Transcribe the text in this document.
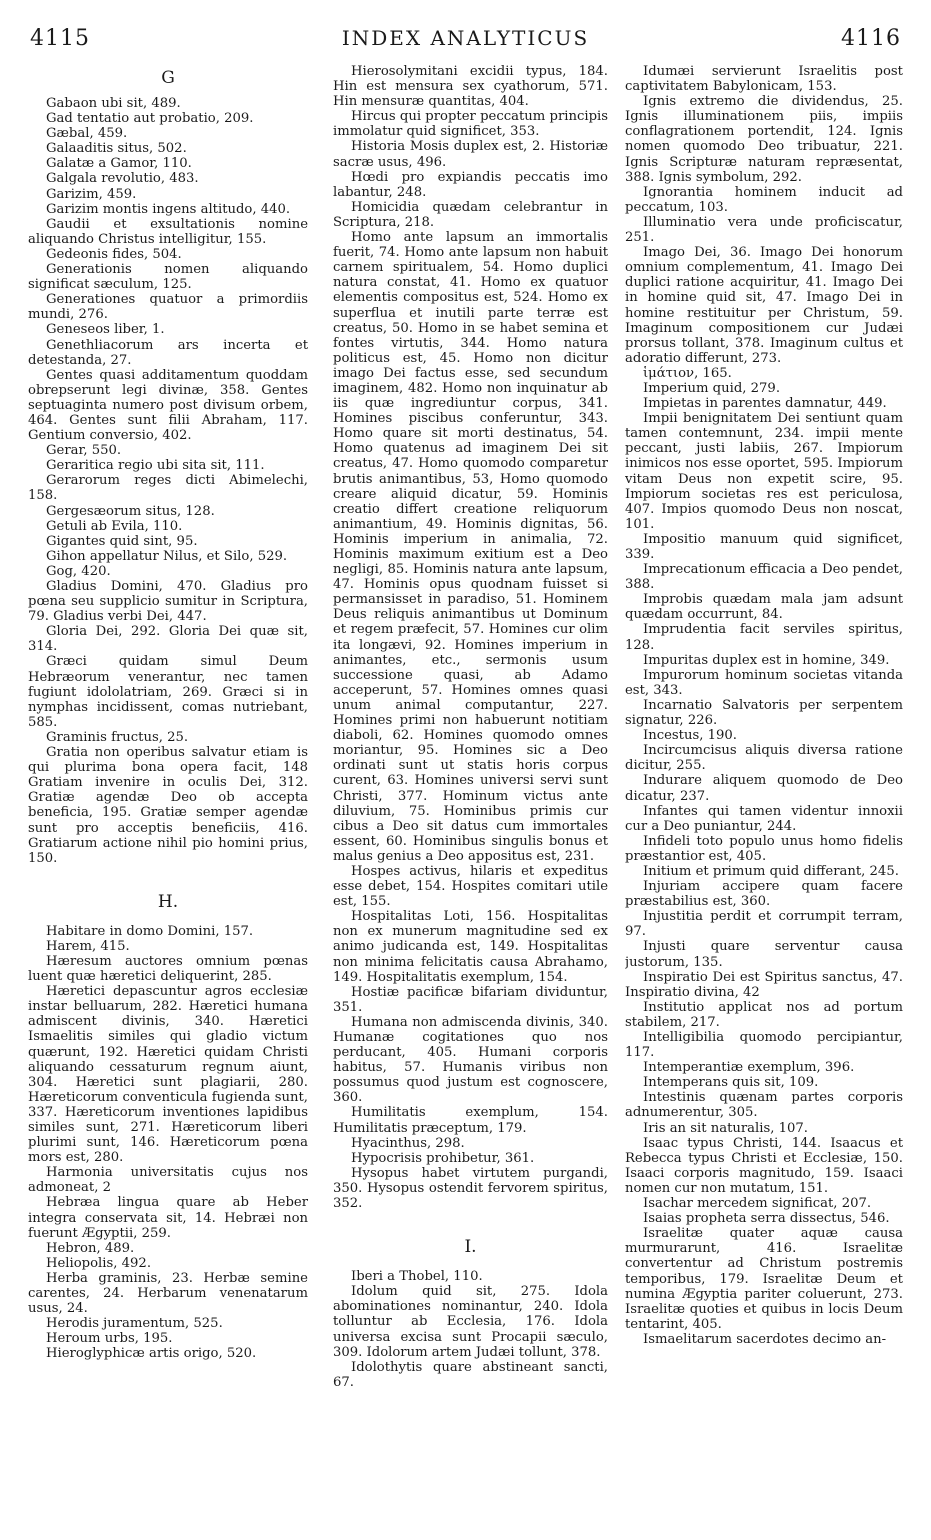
4115	INDEX ANALYTICUS	4116
G

Gabaon ubi sit, 489.

Gad tentatio aut probatio, 209.

Gæbal, 459.

Galaaditis situs, 502.

Galatæ a Gamor, 110.

Galgala revolutio, 483.

Garizim, 459.

Garizim montis ingens altitudo, 440.

Gaudii et exsultationis nomine aliquando Christus intelligitur, 155.

Gedeonis fides, 504.

Generationis nomen aliquando significat sæculum, 125.

Generationes quatuor a primordiis mundi, 276.

Geneseos liber, 1.

Genethliacorum ars incerta et detestanda, 27.

Gentes quasi additamentum quoddam obrepserunt legi divinæ, 358. Gentes septuaginta numero post divisum orbem, 464. Gentes sunt filii Abraham, 117. Gentium conversio, 402.

Gerar, 550.

Geraritica regio ubi sita sit, 111.

Gerarorum reges dicti Abimelechi, 158.

Gergesæorum situs, 128.

Getuli ab Evila, 110.

Gigantes quid sint, 95.

Gihon appellatur Nilus, et Silo, 529.

Gog, 420.

Gladius Domini, 470. Gladius pro pœna seu supplicio sumitur in Scriptura, 79. Gladius verbi Dei, 447.

Gloria Dei, 292. Gloria Dei quæ sit, 314.

Græci quidam simul Deum Hebræorum venerantur, nec tamen fugiunt idololatriam, 269. Græci si in nymphas incidissent, comas nutriebant, 585.

Graminis fructus, 25.

Gratia non operibus salvatur etiam is qui plurima bona opera facit, 148 Gratiam invenire in oculis Dei, 312. Gratiæ agendæ Deo ob accepta beneficia, 195. Gratiæ semper agendæ sunt pro acceptis beneficiis, 416. Gratiarum actione nihil pio homini prius, 150.

H.

Habitare in domo Domini, 157.

Harem, 415.

Hæresum auctores omnium pœnas luent quæ hæretici deliquerint, 285.

Hæretici depascuntur agros ecclesiæ instar belluarum, 282. Hæretici humana admiscent divinis, 340. Hæretici Ismaelitis similes qui gladio victum quærunt, 192. Hæretici quidam Christi aliquando cessaturum regnum aiunt, 304. Hæretici sunt plagiarii, 280. Hæreticorum conventicula fugienda sunt, 337. Hæreticorum inventiones lapidibus similes sunt, 271. Hæreticorum liberi plurimi sunt, 146. Hæreticorum pœna mors est, 280.

Harmonia universitatis cujus nos admoneat, 2

Hebræa lingua quare ab Heber integra conservata sit, 14. Hebræi non fuerunt Ægyptii, 259.

Hebron, 489.

Heliopolis, 492.

Herba graminis, 23. Herbæ semine carentes, 24. Herbarum venenatarum usus, 24.

Herodis juramentum, 525.

Heroum urbs, 195.

Hieroglyphicæ artis origo, 520.

Hierosolymitani excidii typus, 184. Hin est mensura sex cyathorum, 571. Hin mensuræ quantitas, 404.

Hircus qui propter peccatum principis immolatur quid significet, 353.

Historia Mosis duplex est, 2. Historiæ sacræ usus, 496.

Hœdi pro expiandis peccatis imo labantur, 248.

Homicidia quædam celebrantur in Scriptura, 218.

Homo ante lapsum an immortalis fuerit, 74. Homo ante lapsum non habuit carnem spiritualem, 54. Homo duplici natura constat, 41. Homo ex quatuor elementis compositus est, 524. Homo ex superflua et inutili parte terræ est creatus, 50. Homo in se habet semina et fontes virtutis, 344. Homo natura politicus est, 45. Homo non dicitur imago Dei factus esse, sed secundum imaginem, 482. Homo non inquinatur ab iis quæ ingrediuntur corpus, 341. Homines piscibus conferuntur, 343. Homo quare sit morti destinatus, 54. Homo quatenus ad imaginem Dei sit creatus, 47. Homo quomodo comparetur brutis animantibus, 53, Homo quomodo creare aliquid dicatur, 59. Hominis creatio differt creatione reliquorum animantium, 49. Hominis dignitas, 56. Hominis imperium in animalia, 72. Hominis maximum exitium est a Deo negligi, 85. Hominis natura ante lapsum, 47. Hominis opus quodnam fuisset si permansisset in paradiso, 51. Hominem Deus reliquis animantibus ut Dominum et regem præfecit, 57. Homines cur olim ita longævi, 92. Homines imperium in animantes, etc., sermonis usum successione quasi, ab Adamo acceperunt, 57. Homines omnes quasi unum animal computantur, 227. Homines primi non habuerunt notitiam diaboli, 62. Homines quomodo omnes moriantur, 95. Homines sic a Deo ordinati sunt ut statis horis corpus curent, 63. Homines universi servi sunt Christi, 377. Hominum victus ante diluvium, 75. Hominibus primis cur cibus a Deo sit datus cum immortales essent, 60. Hominibus singulis bonus et malus genius a Deo appositus est, 231.

Hospes activus, hilaris et expeditus esse debet, 154. Hospites comitari utile est, 155.

Hospitalitas Loti, 156. Hospitalitas non ex munerum magnitudine sed ex animo judicanda est, 149. Hospitalitas non minima felicitatis causa Abrahamo, 149. Hospitalitatis exemplum, 154.

Hostiæ pacificæ bifariam dividuntur, 351.

Humana non admiscenda divinis, 340. Humanæ cogitationes quo nos perducant, 405. Humani corporis habitus, 57. Humanis viribus non possumus quod justum est cognoscere, 360.

Humilitatis exemplum, 154. Humilitatis præceptum, 179.

Hyacinthus, 298.

Hypocrisis prohibetur, 361.

Hysopus habet virtutem purgandi, 350. Hysopus ostendit fervorem spiritus, 352.

I.

Iberi a Thobel, 110.

Idolum quid sit, 275. Idola abominationes nominantur, 240. Idola tolluntur ab Ecclesia, 176. Idola universa excisa sunt Procapii sæculo, 309. Idolorum artem Judæi tollunt, 378.

Idolothytis quare abstineant sancti, 67.

Idumæi servierunt Israelitis post captivitatem Babylonicam, 153.

Ignis extremo die dividendus, 25. Ignis illuminationem piis, impiis conflagrationem portendit, 124. Ignis nomen quomodo Deo tribuatur, 221. Ignis Scripturæ naturam repræsentat, 388. Ignis symbolum, 292.

Ignorantia hominem inducit ad peccatum, 103.

Illuminatio vera unde proficiscatur, 251.

Imago Dei, 36. Imago Dei honorum omnium complementum, 41. Imago Dei duplici ratione acquiritur, 41. Imago Dei in homine quid sit, 47. Imago Dei in homine restituitur per Christum, 59. Imaginum compositionem cur Judæi prorsus tollant, 378. Imaginum cultus et adoratio differunt, 273.

ἱμάτιον, 165.

Imperium quid, 279.

Impietas in parentes damnatur, 449.

Impii benignitatem Dei sentiunt quam tamen contemnunt, 234. impii mente peccant, justi labiis, 267. Impiorum inimicos nos esse oportet, 595. Impiorum vitam Deus non expetit scire, 95. Impiorum societas res est periculosa, 407. Impios quomodo Deus non noscat, 101.

Impositio manuum quid significet, 339.

Imprecationum efficacia a Deo pendet, 388.

Improbis quædam mala jam adsunt quædam occurrunt, 84.

Imprudentia facit serviles spiritus, 128.

Impuritas duplex est in homine, 349.

Impurorum hominum societas vitanda est, 343.

Incarnatio Salvatoris per serpentem signatur, 226.

Incestus, 190.

Incircumcisus aliquis diversa ratione dicitur, 255.

Indurare aliquem quomodo de Deo dicatur, 237.

Infantes qui tamen videntur innoxii cur a Deo puniantur, 244.

Infideli toto populo unus homo fidelis præstantior est, 405.

Initium et primum quid differant, 245.

Injuriam accipere quam facere præstabilius est, 360.

Injustitia perdit et corrumpit terram, 97.

Injusti quare serventur causa justorum, 135.

Inspiratio Dei est Spiritus sanctus, 47. Inspiratio divina, 42

Institutio applicat nos ad portum stabilem, 217.

Intelligibilia quomodo percipiantur, 117.

Intemperantiæ exemplum, 396.

Intemperans quis sit, 109.

Intestinis quænam partes corporis adnumerentur, 305.

Iris an sit naturalis, 107.

Isaac typus Christi, 144. Isaacus et Rebecca typus Christi et Ecclesiæ, 150. Isaaci corporis magnitudo, 159. Isaaci nomen cur non mutatum, 151.

Isachar mercedem significat, 207.

Isaias propheta serra dissectus, 546.

Israelitæ quater aquæ causa murmurarunt, 416. Israelitæ convertentur ad Christum postremis temporibus, 179. Israelitæ Deum et numina Ægyptia pariter coluerunt, 273. Israelitæ quoties et quibus in locis Deum tentarint, 405.

Ismaelitarum sacerdotes decimo an-
